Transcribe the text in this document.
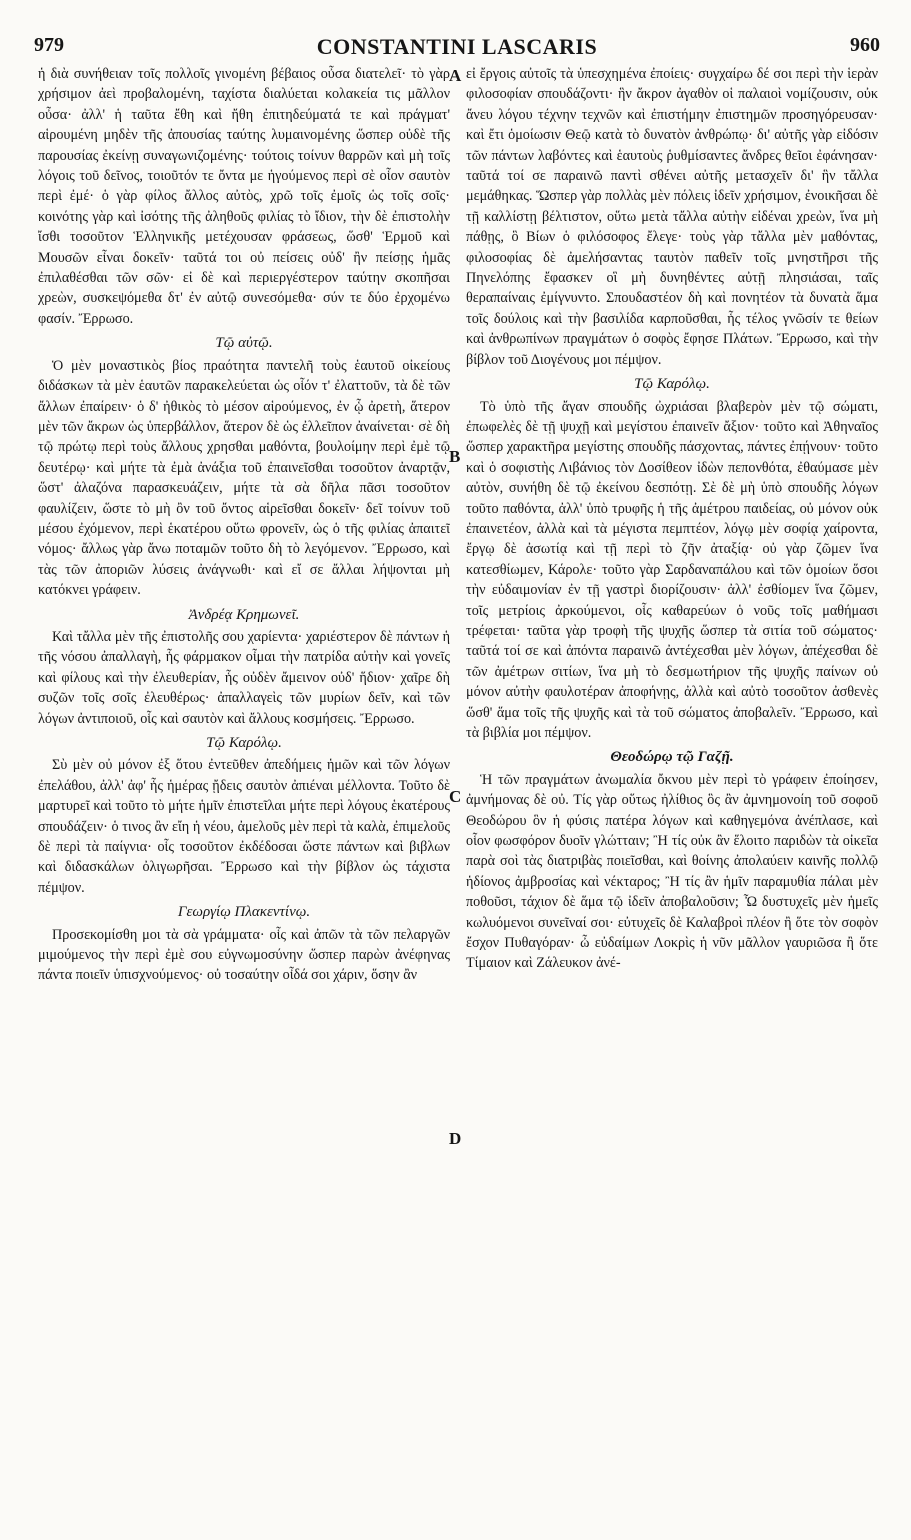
979	CONSTANTINI LASCARIS	960

ἡ διὰ συνήθειαν τοῖς πολλοῖς γινομένη βέβαιος οὖσα διατελεῖ· τὸ γὰρ χρήσιμον ἀεὶ προβαλομένη, ταχίστα διαλύεται κολακεία τις μᾶλλον οὖσα· ἀλλ' ἡ ταῦτα ἔθη καὶ ἤθη ἐπιτηδεύματά τε καὶ πράγματ' αἱρουμένη μηδὲν τῆς ἀπουσίας ταύτης λυμαινομένης ὥσπερ οὐδὲ τῆς παρουσίας ἐκείνῃ συναγωνιζομένης· τούτοις τοίνυν θαρρῶν καὶ μὴ τοῖς λόγοις τοῦ δεῖνος, τοιοῦτόν τε ὄντα με ἡγούμενος περὶ σὲ οἷον σαυτὸν περὶ ἐμέ· ὁ γὰρ φίλος ἄλλος αὐτὸς, χρῶ τοῖς ἐμοῖς ὡς τοῖς σοῖς· κοινότης γὰρ καὶ ἰσότης τῆς ἀληθοῦς φιλίας τὸ ἴδιον, τὴν δὲ ἐπιστολὴν ἴσθι τοσοῦτον Ἑλληνικῆς μετέχουσαν φράσεως, ὥσθ' Ἑρμοῦ καὶ Μουσῶν εἶναι δοκεῖν· ταῦτά τοι οὐ πείσεις οὐδ' ἢν πείσῃς ἡμᾶς ἐπιλαθέσθαι τῶν σῶν· εἰ δὲ καὶ περιεργέστερον ταύτην σκοπῆσαι χρεὼν, συσκεψόμεθα δτ' ἐν αὐτῷ συνεσόμεθα· σύν τε δύο ἐρχομένω φασίν. Ἔρρωσο.

Τῷ αὐτῷ.

Ὁ μὲν μοναστικὸς βίος πραότητα παντελῆ τοὺς ἑαυτοῦ οἰκείους διδάσκων τὰ μὲν ἑαυτῶν παρακελεύεται ὡς οἷόν τ' ἐλαττοῦν, τὰ δὲ τῶν ἄλλων ἐπαίρειν· ὁ δ' ἠθικὸς τὸ μέσον αἱρούμενος, ἐν ᾧ ἀρετὴ, ἅτερον μὲν τῶν ἄκρων ὡς ὑπερβάλλον, ἅτερον δὲ ὡς ἐλλεῖπον ἀναίνεται· σὲ δὴ τῷ πρώτῳ περὶ τοὺς ἄλλους χρησθαι μαθόντα, βουλοίμην περὶ ἐμὲ τῷ δευτέρῳ· καὶ μήτε τὰ ἐμὰ ἀνάξια τοῦ ἐπαινεῖσθαι τοσοῦτον ἀναρτᾷν, ὥστ' ἀλαζόνα παρασκευάζειν, μήτε τὰ σὰ δῆλα πᾶσι τοσοῦτον φαυλίζειν, ὥστε τὸ μὴ ὂν τοῦ ὄντος αἱρεῖσθαι δοκεῖν· δεῖ τοίνυν τοῦ μέσου ἐχόμενον, περὶ ἑκατέρου οὕτω φρονεῖν, ὡς ὁ τῆς φιλίας ἀπαιτεῖ νόμος· ἄλλως γὰρ ἄνω ποταμῶν τοῦτο δὴ τὸ λεγόμενον. Ἔρρωσο, καὶ τὰς τῶν ἀποριῶν λύσεις ἀνάγνωθι· καὶ εἴ σε ἄλλαι λήψονται μὴ κατόκνει γράφειν.

Ἀνδρέᾳ Κρημωνεῖ.

Καὶ τἄλλα μὲν τῆς ἐπιστολῆς σου χαρίεντα· χαριέστερον δὲ πάντων ἡ τῆς νόσου ἀπαλλαγὴ, ἧς φάρμακον οἶμαι τὴν πατρίδα αὐτὴν καὶ γονεῖς καὶ φίλους καὶ τὴν ἐλευθερίαν, ἧς οὐδὲν ἄμεινον οὐδ' ἥδιον· χαῖρε δὴ συζῶν τοῖς σοῖς ἐλευθέρως· ἀπαλλαγεὶς τῶν μυρίων δεῖν, καὶ τῶν λόγων ἀντιποιοῦ, οἷς καὶ σαυτὸν καὶ ἄλλους κοσμήσεις. Ἔρρωσο.

Τῷ Καρόλῳ.

Σὺ μὲν οὐ μόνον ἐξ ὅτου ἐντεῦθεν ἀπεδήμεις ἡμῶν καὶ τῶν λόγων ἐπελάθου, ἀλλ' ἀφ' ἧς ἡμέρας ᾔδεις σαυτὸν ἀπιέναι μέλλοντα. Τοῦτο δὲ μαρτυρεῖ καὶ τοῦτο τὸ μήτε ἡμῖν ἐπιστεῖλαι μήτε περὶ λόγους ἑκατέρους σπουδάζειν· ὁ τινος ἂν εἴη ἡ νέου, ἀμελοῦς μὲν περὶ τὰ καλὰ, ἐπιμελοῦς δὲ περὶ τὰ παίγνια· οἷς τοσοῦτον ἐκδέδοσαι ὥστε πάντων καὶ βιβλων καὶ διδασκάλων ὀλιγωρῆσαι. Ἔρρωσο καὶ τὴν βίβλον ὡς τάχιστα πέμψον.

Γεωργίῳ Πλακεντίνῳ.

Προσεκομίσθη μοι τὰ σὰ γράμματα· οἷς καὶ ἀπῶν τὰ τῶν πελαργῶν μιμούμενος τὴν περὶ ἐμὲ σου εὐγνωμοσύνην ὥσπερ παρὼν ἀνέφηνας πάντα ποιεῖν ὑπισχνούμενος· οὐ τοσαύτην οἶδά σοι χάριν, ὅσην ἂν

A
B
C
D

εἰ ἔργοις αὐτοῖς τὰ ὑπεσχημένα ἐποίεις· συγχαίρω δέ σοι περὶ τὴν ἱερὰν φιλοσοφίαν σπουδάζοντι· ἣν ἄκρον ἀγαθὸν οἱ παλαιοὶ νομίζουσιν, οὐκ ἄνευ λόγου τέχνην τεχνῶν καὶ ἐπιστήμην ἐπιστημῶν προσηγόρευσαν· καὶ ἔτι ὁμοίωσιν Θεῷ κατὰ τὸ δυνατὸν ἀνθρώπῳ· δι' αὐτῆς γὰρ εἰδόσιν τῶν πάντων λαβόντες καὶ ἑαυτοὺς ῥυθμίσαντες ἄνδρες θεῖοι ἐφάνησαν· ταῦτά τοί σε παραινῶ παντὶ σθένει αὐτῆς μετασχεῖν δι' ἣν τἄλλα μεμάθηκας. Ὥσπερ γὰρ πολλὰς μὲν πόλεις ἰδεῖν χρήσιμον, ἐνοικῆσαι δὲ τῇ καλλίστῃ βέλτιστον, οὕτω μετὰ τἄλλα αὐτὴν εἰδέναι χρεὼν, ἵνα μὴ πάθῃς, ὃ Βίων ὁ φιλόσοφος ἔλεγε· τοὺς γὰρ τἄλλα μὲν μαθόντας, φιλοσοφίας δὲ ἀμελήσαντας ταυτὸν παθεῖν τοῖς μνηστῆρσι τῆς Πηνελόπης ἔφασκεν οἳ μὴ δυνηθέντες αὐτῇ πλησιάσαι, ταῖς θεραπαίναις ἐμίγνυντο. Σπουδαστέον δὴ καὶ πονητέον τὰ δυνατὰ ἅμα τοῖς δούλοις καὶ τὴν βασιλίδα καρποῦσθαι, ἧς τέλος γνῶσίν τε θείων καὶ ἀνθρωπίνων πραγμάτων ὁ σοφὸς ἔφησε Πλάτων. Ἔρρωσο, καὶ τὴν βίβλον τοῦ Διογένους μοι πέμψον.

Τῷ Καρόλῳ.

Τὸ ὑπὸ τῆς ἄγαν σπουδῆς ὠχριάσαι βλαβερὸν μὲν τῷ σώματι, ἐπωφελὲς δὲ τῇ ψυχῇ καὶ μεγίστου ἐπαινεῖν ἄξιον· τοῦτο καὶ Ἀθηναῖος ὥσπερ χαρακτῆρα μεγίστης σπουδῆς πάσχοντας, πάντες ἐπῄνουν· τοῦτο καὶ ὁ σοφιστὴς Λιβάνιος τὸν Δοσίθεον ἰδὼν πεπονθότα, ἐθαύμασε μὲν αὐτὸν, συνήθη δὲ τῷ ἐκείνου δεσπότῃ. Σὲ δὲ μὴ ὑπὸ σπουδῆς λόγων τοῦτο παθόντα, ἀλλ' ὑπὸ τρυφῆς ἡ τῆς ἀμέτρου παιδείας, οὐ μόνον οὐκ ἐπαινετέον, ἀλλὰ καὶ τὰ μέγιστα πεμπτέον, λόγῳ μὲν σοφίᾳ χαίροντα, ἔργῳ δὲ ἀσωτίᾳ καὶ τῇ περὶ τὸ ζῆν ἀταξίᾳ· οὐ γὰρ ζῶμεν ἵνα κατεσθίωμεν, Κάρολε· τοῦτο γὰρ Σαρδαναπάλου καὶ τῶν ὁμοίων ὅσοι τὴν εὐδαιμονίαν ἐν τῇ γαστρὶ διορίζουσιν· ἀλλ' ἐσθίομεν ἵνα ζῶμεν, τοῖς μετρίοις ἀρκούμενοι, οἷς καθαρεύων ὁ νοῦς τοῖς μαθήμασι τρέφεται· ταῦτα γὰρ τροφὴ τῆς ψυχῆς ὥσπερ τὰ σιτία τοῦ σώματος· ταῦτά τοί σε καὶ ἀπόντα παραινῶ ἀντέχεσθαι μὲν λόγων, ἀπέχεσθαι δὲ τῶν ἀμέτρων σιτίων, ἵνα μὴ τὸ δεσμωτήριον τῆς ψυχῆς παίνων οὐ μόνον αὐτὴν φαυλοτέραν ἀποφήνῃς, ἀλλὰ καὶ αὐτὸ τοσοῦτον ἀσθενὲς ὥσθ' ἅμα τοῖς τῆς ψυχῆς καὶ τὰ τοῦ σώματος ἀποβαλεῖν. Ἔρρωσο, καὶ τὰ βιβλία μοι πέμψον.

Θεοδώρῳ τῷ Γαζῇ.

Ἡ τῶν πραγμάτων ἀνωμαλία ὄκνου μὲν περὶ τὸ γράφειν ἐποίησεν, ἀμνήμονας δὲ οὐ. Τίς γὰρ οὕτως ἠλίθιος ὃς ἂν ἀμνημονοίη τοῦ σοφοῦ Θεοδώρου ὃν ἡ φύσις πατέρα λόγων καὶ καθηγεμόνα ἀνέπλασε, καὶ οἷον φωσφόρον δυοῖν γλώτταιν; Ἢ τίς οὐκ ἂν ἕλοιτο παριδὼν τὰ οἰκεῖα παρὰ σοὶ τὰς διατριβὰς ποιεῖσθαι, καὶ θοίνης ἀπολαύειν καινῆς πολλῷ ἡδίονος ἀμβροσίας καὶ νέκταρος; Ἢ τίς ἂν ἡμῖν παραμυθία πάλαι μὲν ποθοῦσι, τάχιον δὲ ἅμα τῷ ἰδεῖν ἀποβαλοῦσιν; Ὦ δυστυχεῖς μὲν ἡμεῖς κωλυόμενοι συνεῖναί σοι· εὐτυχεῖς δὲ Καλαβροὶ πλέον ἢ ὅτε τὸν σοφὸν ἔσχον Πυθαγόραν· ὦ εὐδαίμων Λοκρὶς ἡ νῦν μᾶλλον γαυριῶσα ἢ ὅτε Τίμαιον καὶ Ζάλευκον ἀνέ-
